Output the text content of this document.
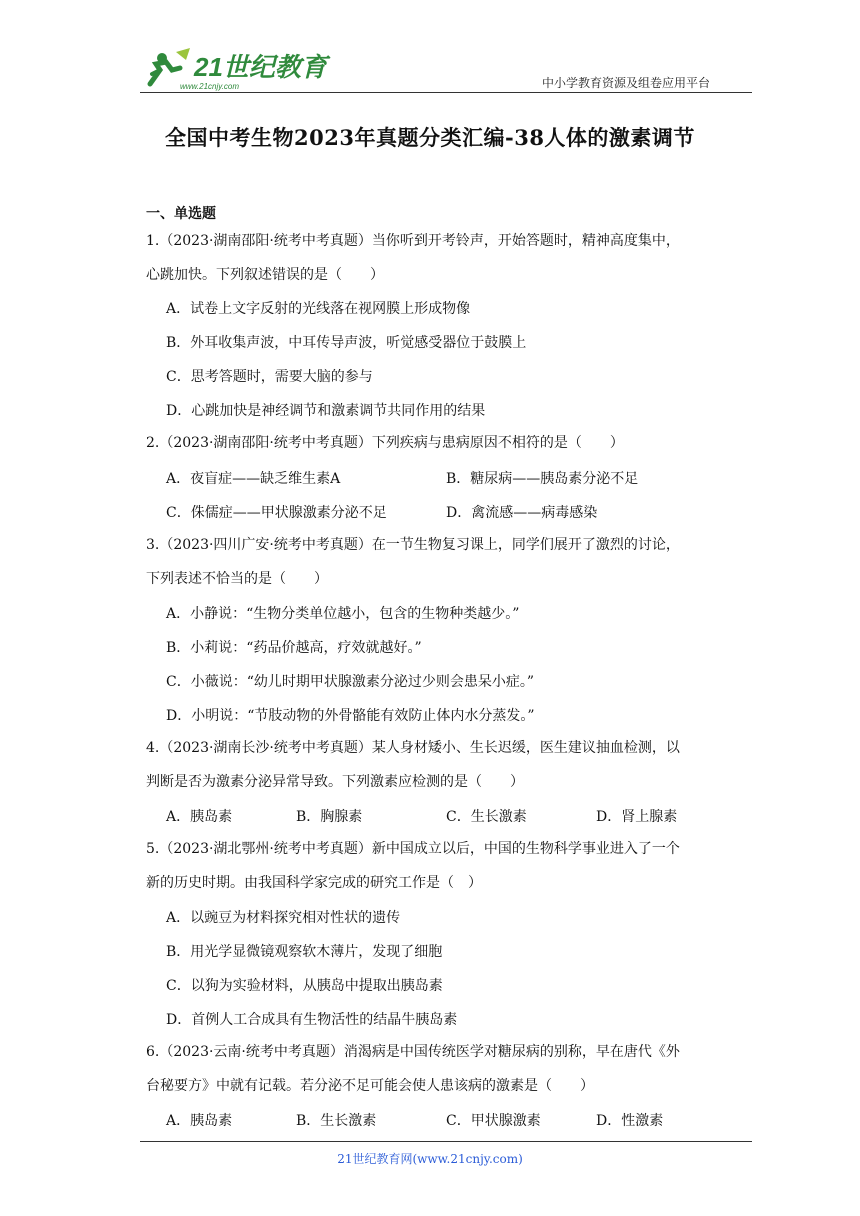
21世纪教育
www.21cnjy.com	中小学教育资源及组卷应用平台
全国中考生物2023年真题分类汇编-38人体的激素调节
一、单选题
1.（2023·湖南邵阳·统考中考真题）当你听到开考铃声，开始答题时，精神高度集中，
心跳加快。下列叙述错误的是（　　）
A．试卷上文字反射的光线落在视网膜上形成物像
B．外耳收集声波，中耳传导声波，听觉感受器位于鼓膜上
C．思考答题时，需要大脑的参与
D．心跳加快是神经调节和激素调节共同作用的结果
2.（2023·湖南邵阳·统考中考真题）下列疾病与患病原因不相符的是（　　）
A．夜盲症——缺乏维生素A	B．糖尿病——胰岛素分泌不足
C．侏儒症——甲状腺激素分泌不足	D．禽流感——病毒感染
3.（2023·四川广安·统考中考真题）在一节生物复习课上，同学们展开了激烈的讨论，
下列表述不恰当的是（　　）
A．小静说：“生物分类单位越小，包含的生物种类越少。”
B．小莉说：“药品价越高，疗效就越好。”
C．小薇说：“幼儿时期甲状腺激素分泌过少则会患呆小症。”
D．小明说：“节肢动物的外骨骼能有效防止体内水分蒸发。”
4.（2023·湖南长沙·统考中考真题）某人身材矮小、生长迟缓，医生建议抽血检测，以
判断是否为激素分泌异常导致。下列激素应检测的是（　　）
A．胰岛素	B．胸腺素	C．生长激素	D．肾上腺素
5.（2023·湖北鄂州·统考中考真题）新中国成立以后，中国的生物科学事业进入了一个
新的历史时期。由我国科学家完成的研究工作是（　）
A．以豌豆为材料探究相对性状的遗传
B．用光学显微镜观察软木薄片，发现了细胞
C．以狗为实验材料，从胰岛中提取出胰岛素
D．首例人工合成具有生物活性的结晶牛胰岛素
6.（2023·云南·统考中考真题）消渴病是中国传统医学对糖尿病的别称，早在唐代《外
台秘要方》中就有记载。若分泌不足可能会使人患该病的激素是（　　）
A．胰岛素	B．生长激素	C．甲状腺激素	D．性激素
21世纪教育网(www.21cnjy.com)
